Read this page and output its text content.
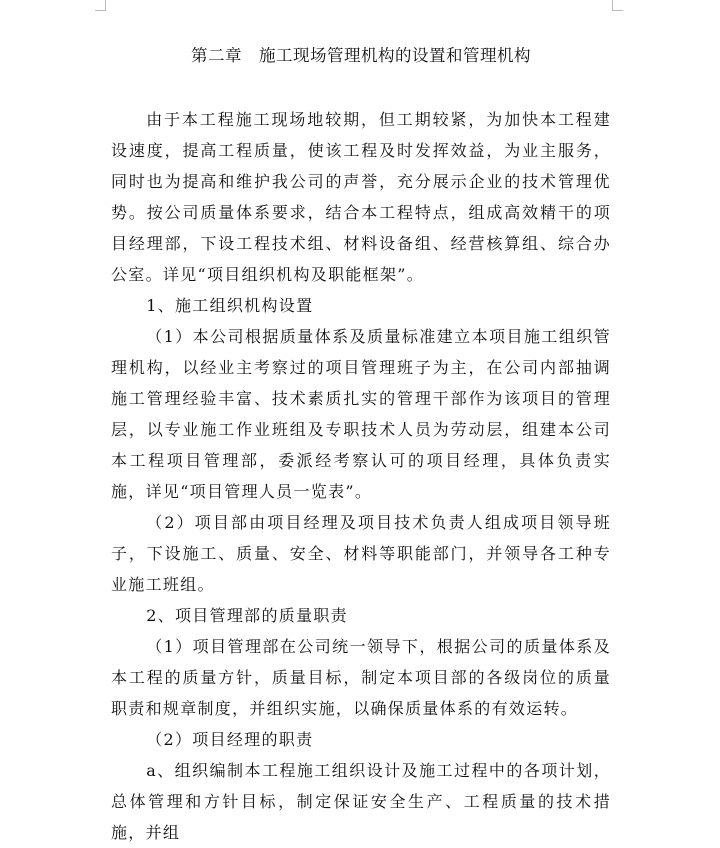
第二章　施工现场管理机构的设置和管理机构

由于本工程施工现场地较期，但工期较紧，为加快本工程建设速度，提高工程质量，使该工程及时发挥效益，为业主服务，同时也为提高和维护我公司的声誉，充分展示企业的技术管理优势。按公司质量体系要求，结合本工程特点，组成高效精干的项目经理部，下设工程技术组、材料设备组、经营核算组、综合办公室。详见“项目组织机构及职能框架”。

1、施工组织机构设置

（1）本公司根据质量体系及质量标准建立本项目施工组织管理机构，以经业主考察过的项目管理班子为主，在公司内部抽调施工管理经验丰富、技术素质扎实的管理干部作为该项目的管理层，以专业施工作业班组及专职技术人员为劳动层，组建本公司本工程项目管理部，委派经考察认可的项目经理，具体负责实施，详见“项目管理人员一览表”。

（2）项目部由项目经理及项目技术负责人组成项目领导班子，下设施工、质量、安全、材料等职能部门，并领导各工种专业施工班组。

2、项目管理部的质量职责

（1）项目管理部在公司统一领导下，根据公司的质量体系及本工程的质量方针，质量目标，制定本项目部的各级岗位的质量职责和规章制度，并组织实施，以确保质量体系的有效运转。

（2）项目经理的职责

a、组织编制本工程施工组织设计及施工过程中的各项计划，总体管理和方针目标，制定保证安全生产、工程质量的技术措施，并组
